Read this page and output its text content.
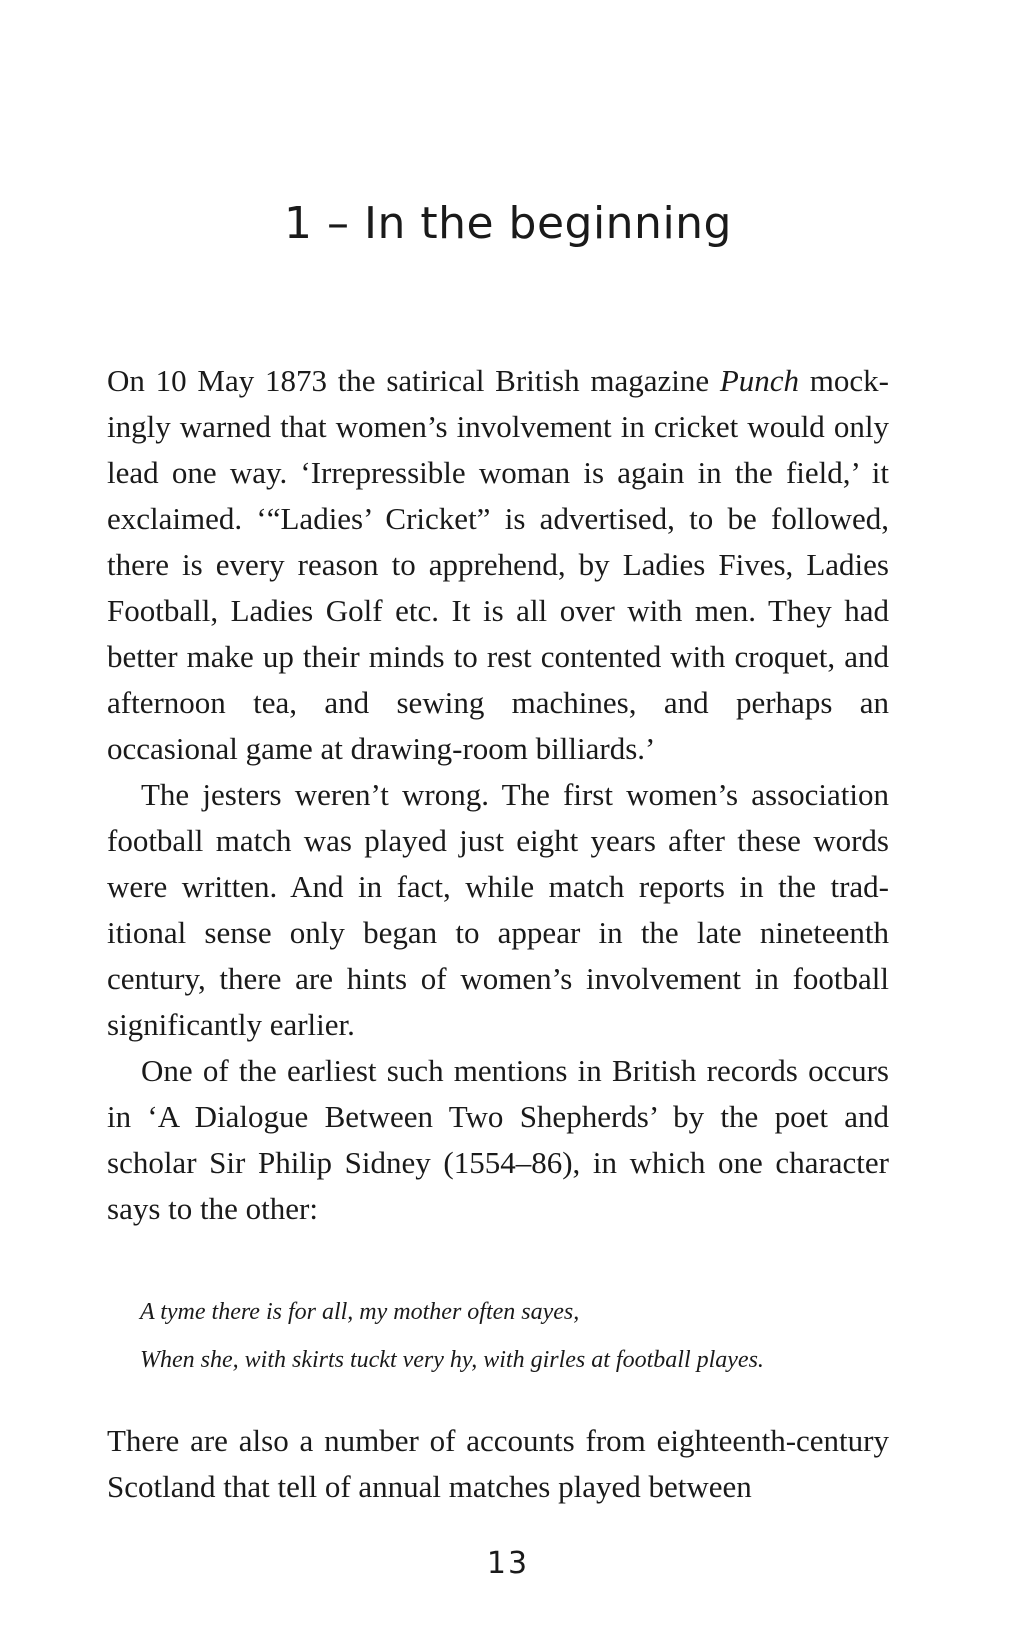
1 – In the beginning

On 10 May 1873 the satirical British magazine Punch mock-ingly warned that women’s involvement in cricket would only lead one way. ‘Irrepressible woman is again in the field,’ it exclaimed. ‘“Ladies’ Cricket” is advertised, to be followed, there is every reason to apprehend, by Ladies Fives, Ladies Football, Ladies Golf etc. It is all over with men. They had better make up their minds to rest contented with croquet, and afternoon tea, and sewing machines, and perhaps an occasional game at drawing-room billiards.’

The jesters weren’t wrong. The first women’s association football match was played just eight years after these words were written. And in fact, while match reports in the trad-itional sense only began to appear in the late nineteenth century, there are hints of women’s involvement in football significantly earlier.

One of the earliest such mentions in British records occurs in ‘A Dialogue Between Two Shepherds’ by the poet and scholar Sir Philip Sidney (1554–86), in which one character says to the other:

A tyme there is for all, my mother often sayes,
When she, with skirts tuckt very hy, with girles at football playes.

There are also a number of accounts from eighteenth-century Scotland that tell of annual matches played between

13
